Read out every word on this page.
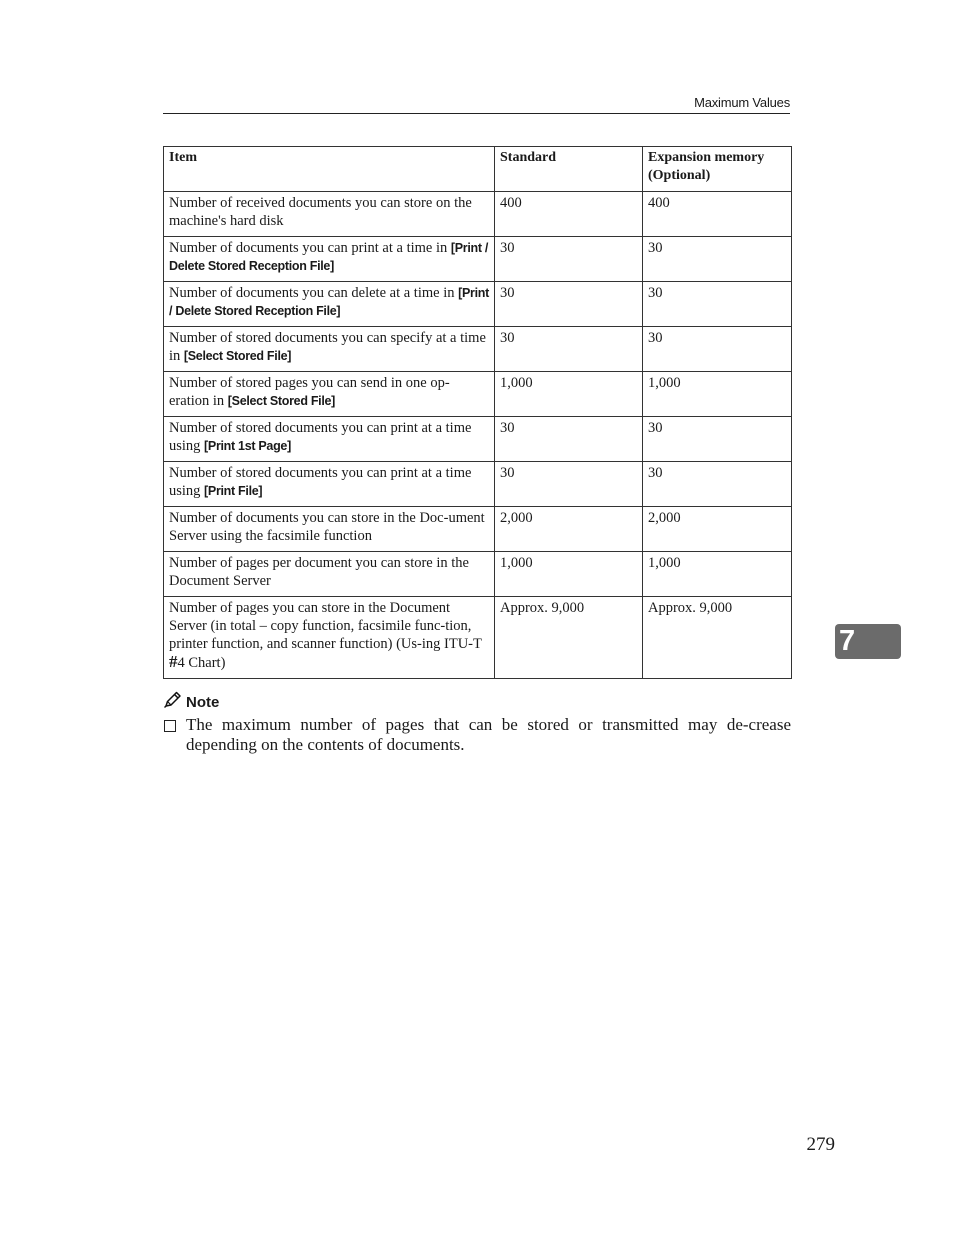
Maximum Values
Item	Standard	Expansion memory (Optional)
Number of received documents you can store on the machine's hard disk	400	400
Number of documents you can print at a time in [Print / Delete Stored Reception File]	30	30
Number of documents you can delete at a time in [Print / Delete Stored Reception File]	30	30
Number of stored documents you can specify at a time in [Select Stored File]	30	30
Number of stored pages you can send in one op-eration in [Select Stored File]	1,000	1,000
Number of stored documents you can print at a time using [Print 1st Page]	30	30
Number of stored documents you can print at a time using [Print File]	30	30
Number of documents you can store in the Doc-ument Server using the facsimile function	2,000	2,000
Number of pages per document you can store in the Document Server	1,000	1,000
Number of pages you can store in the Document Server (in total – copy function, facsimile func-tion, printer function, and scanner function) (Us-ing ITU-T #4 Chart)	Approx. 9,000	Approx. 9,000
Note
The maximum number of pages that can be stored or transmitted may de-crease depending on the contents of documents.
7
279
